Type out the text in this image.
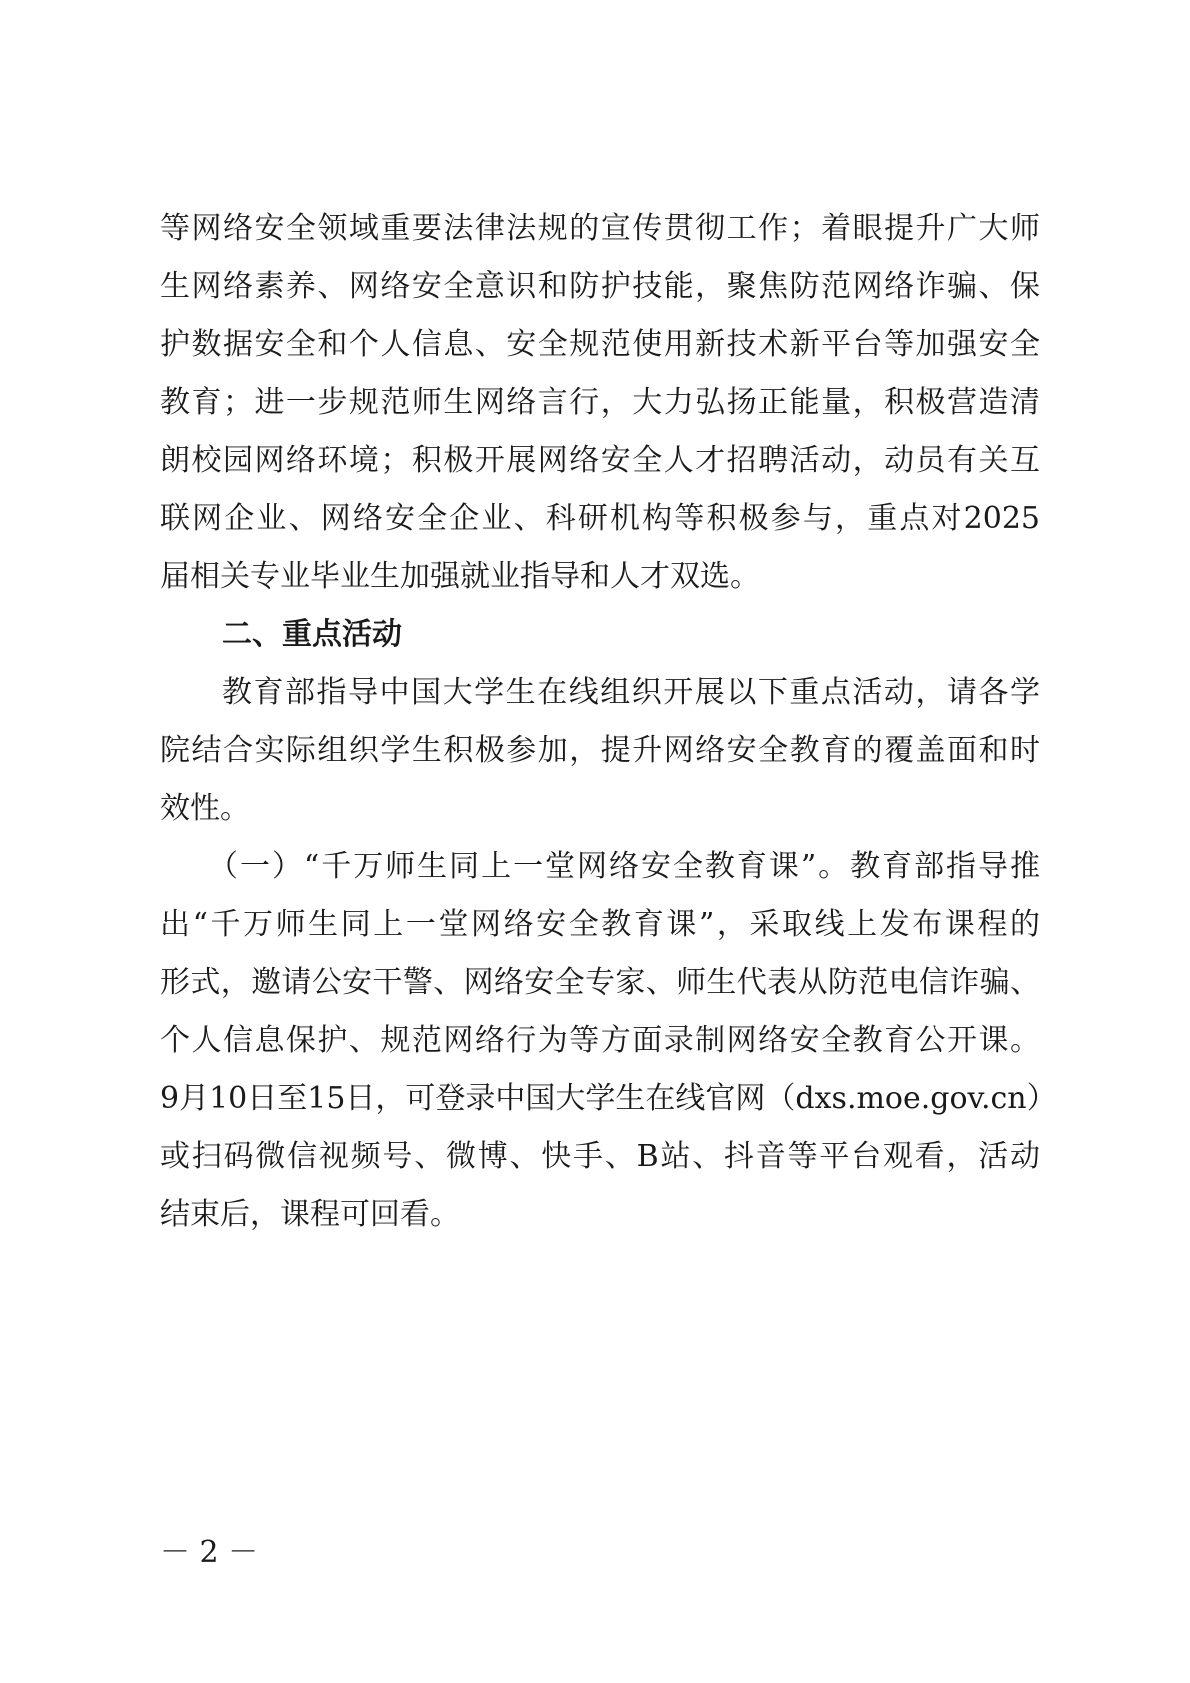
等网络安全领域重要法律法规的宣传贯彻工作；着眼提升广大师
生网络素养、网络安全意识和防护技能，聚焦防范网络诈骗、保
护数据安全和个人信息、安全规范使用新技术新平台等加强安全
教育；进一步规范师生网络言行，大力弘扬正能量，积极营造清
朗校园网络环境；积极开展网络安全人才招聘活动，动员有关互
联网企业、网络安全企业、科研机构等积极参与，重点对2025
届相关专业毕业生加强就业指导和人才双选。
二、重点活动
教育部指导中国大学生在线组织开展以下重点活动，请各学
院结合实际组织学生积极参加，提升网络安全教育的覆盖面和时
效性。
（一）“千万师生同上一堂网络安全教育课”。教育部指导推
出“千万师生同上一堂网络安全教育课”，采取线上发布课程的
形式，邀请公安干警、网络安全专家、师生代表从防范电信诈骗、
个人信息保护、规范网络行为等方面录制网络安全教育公开课。
9月10日至15日，可登录中国大学生在线官网（dxs.moe.gov.cn）
或扫码微信视频号、微博、快手、B站、抖音等平台观看，活动
结束后，课程可回看。
－ 2 －
